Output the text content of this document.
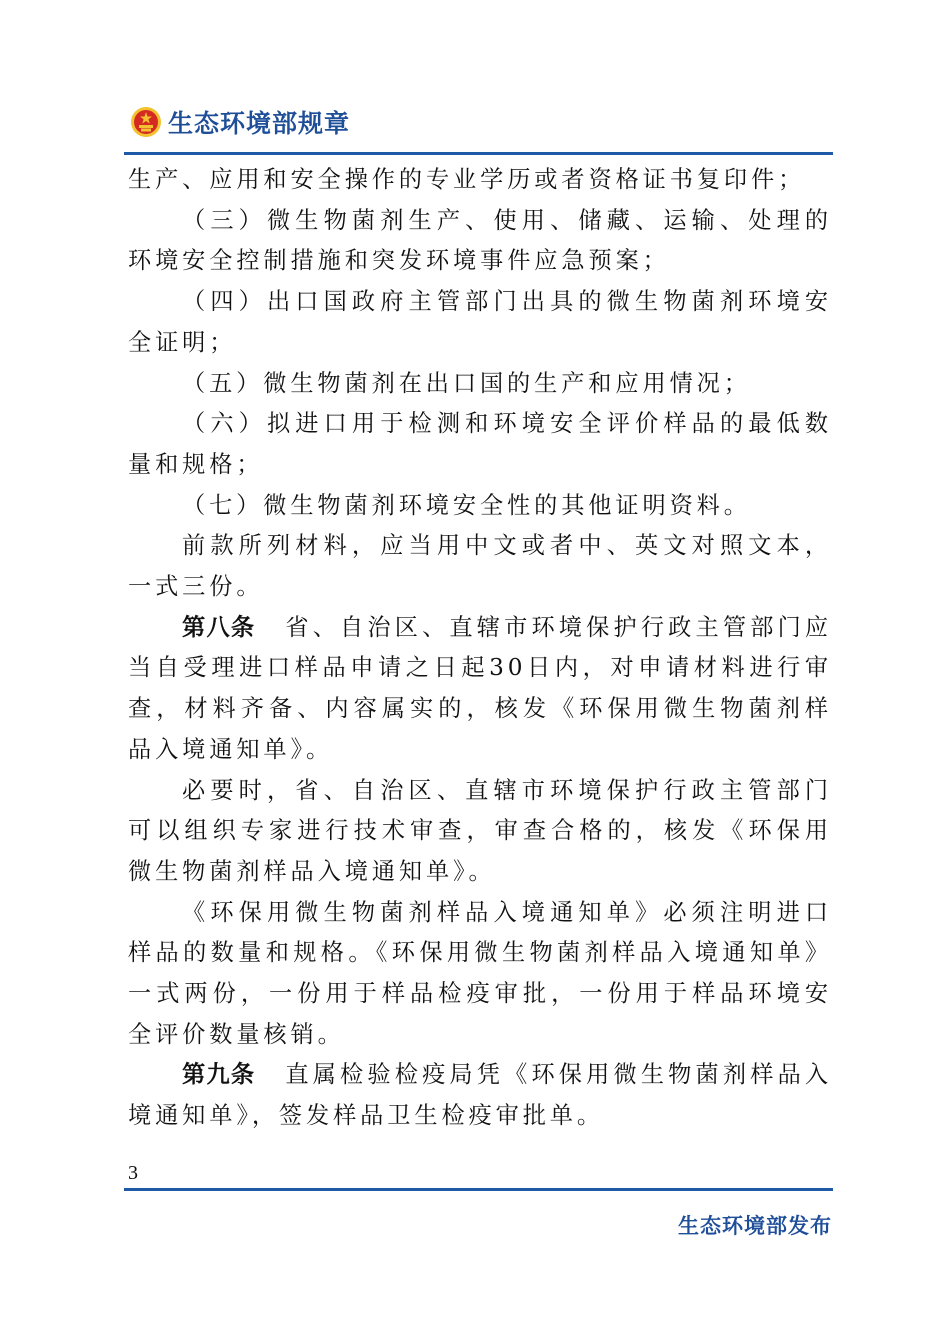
生态环境部规章

生产、应用和安全操作的专业学历或者资格证书复印件；

（三）微生物菌剂生产、使用、储藏、运输、处理的环境安全控制措施和突发环境事件应急预案；

（四）出口国政府主管部门出具的微生物菌剂环境安全证明；

（五）微生物菌剂在出口国的生产和应用情况；

（六）拟进口用于检测和环境安全评价样品的最低数量和规格；

（七）微生物菌剂环境安全性的其他证明资料。

前款所列材料，应当用中文或者中、英文对照文本，一式三份。

第八条 省、自治区、直辖市环境保护行政主管部门应当自受理进口样品申请之日起30日内，对申请材料进行审查，材料齐备、内容属实的，核发《环保用微生物菌剂样品入境通知单》。

必要时，省、自治区、直辖市环境保护行政主管部门可以组织专家进行技术审查，审查合格的，核发《环保用微生物菌剂样品入境通知单》。

《环保用微生物菌剂样品入境通知单》必须注明进口样品的数量和规格。《环保用微生物菌剂样品入境通知单》一式两份，一份用于样品检疫审批，一份用于样品环境安全评价数量核销。

第九条 直属检验检疫局凭《环保用微生物菌剂样品入境通知单》，签发样品卫生检疫审批单。

3
生态环境部发布
